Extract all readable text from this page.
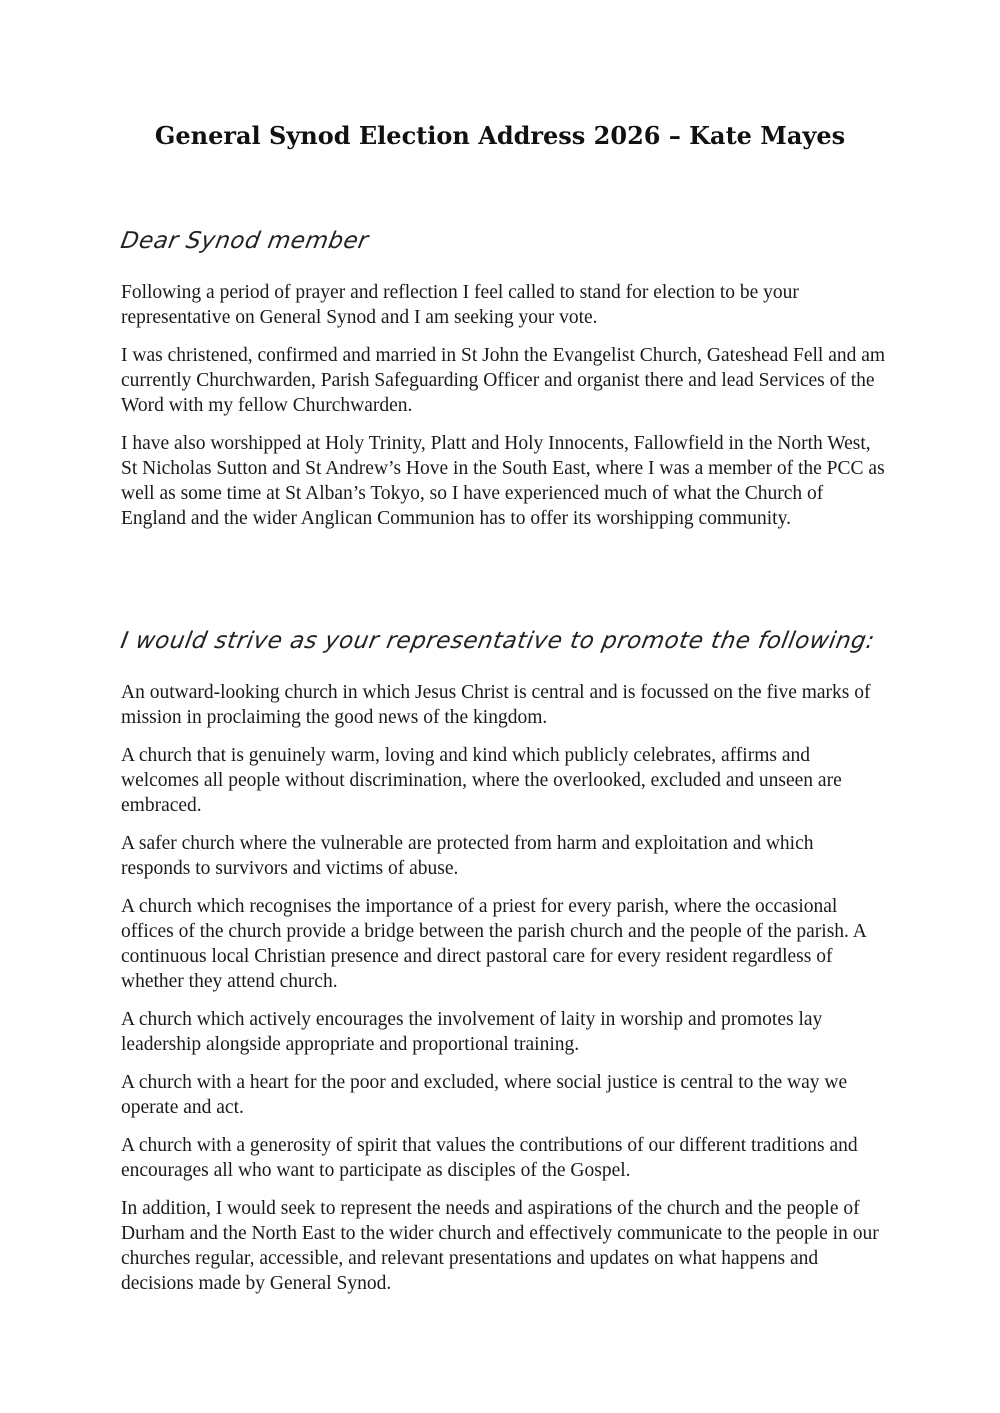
General Synod Election Address 2026 – Kate Mayes
Dear Synod member

Following a period of prayer and reflection I feel called to stand for election to be your representative on General Synod and I am seeking your vote.

I was christened, confirmed and married in St John the Evangelist Church, Gateshead Fell and am currently Churchwarden, Parish Safeguarding Officer and organist there and lead Services of the Word with my fellow Churchwarden.

I have also worshipped at Holy Trinity, Platt and Holy Innocents, Fallowfield in the North West, St Nicholas Sutton and St Andrew’s Hove in the South East, where I was a member of the PCC as well as some time at St Alban’s Tokyo, so I have experienced much of what the Church of England and the wider Anglican Communion has to offer its worshipping community.

I would strive as your representative to promote the following:

An outward-looking church in which Jesus Christ is central and is focussed on the five marks of mission in proclaiming the good news of the kingdom.

A church that is genuinely warm, loving and kind which publicly celebrates, affirms and welcomes all people without discrimination, where the overlooked, excluded and unseen are embraced.

A safer church where the vulnerable are protected from harm and exploitation and which responds to survivors and victims of abuse.

A church which recognises the importance of a priest for every parish, where the occasional offices of the church provide a bridge between the parish church and the people of the parish. A continuous local Christian presence and direct pastoral care for every resident regardless of whether they attend church.

A church which actively encourages the involvement of laity in worship and promotes lay leadership alongside appropriate and proportional training.

A church with a heart for the poor and excluded, where social justice is central to the way we operate and act.

A church with a generosity of spirit that values the contributions of our different traditions and encourages all who want to participate as disciples of the Gospel.

In addition, I would seek to represent the needs and aspirations of the church and the people of Durham and the North East to the wider church and effectively communicate to the people in our churches regular, accessible, and relevant presentations and updates on what happens and decisions made by General Synod.
